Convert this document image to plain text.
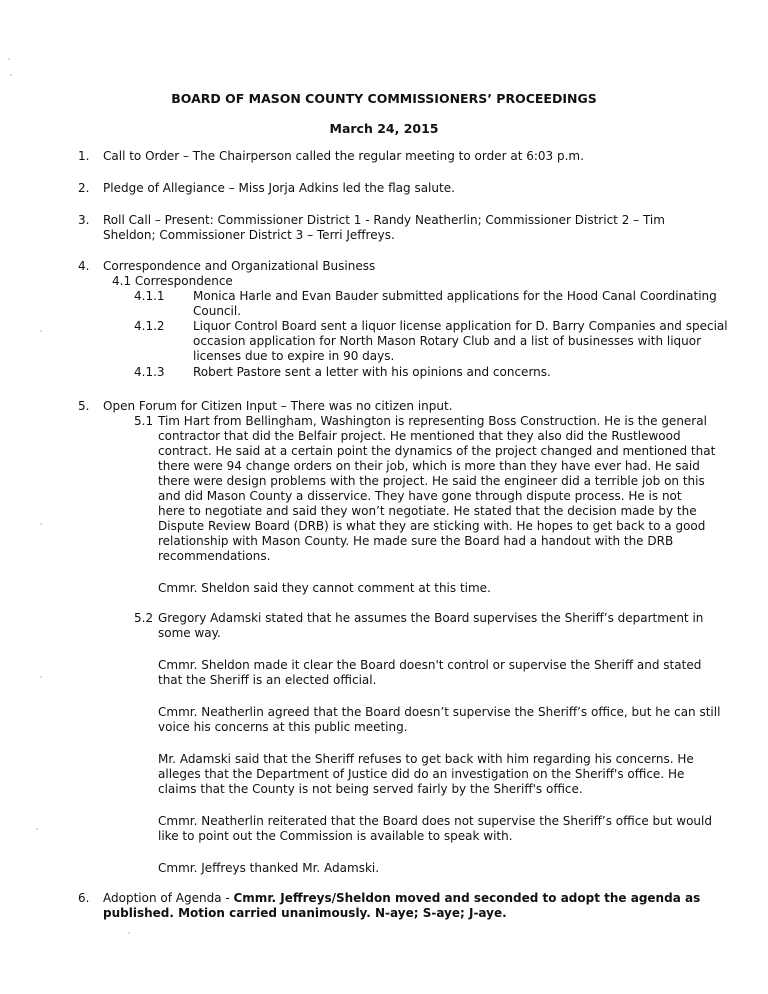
BOARD OF MASON COUNTY COMMISSIONERS’ PROCEEDINGS
March 24, 2015
1. Call to Order – The Chairperson called the regular meeting to order at 6:03 p.m.
2. Pledge of Allegiance – Miss Jorja Adkins led the flag salute.
3. Roll Call – Present: Commissioner District 1 - Randy Neatherlin; Commissioner District 2 – Tim
Sheldon; Commissioner District 3 – Terri Jeffreys.
4. Correspondence and Organizational Business
4.1 Correspondence
4.1.1 Monica Harle and Evan Bauder submitted applications for the Hood Canal Coordinating
Council.
4.1.2 Liquor Control Board sent a liquor license application for D. Barry Companies and special
occasion application for North Mason Rotary Club and a list of businesses with liquor
licenses due to expire in 90 days.
4.1.3 Robert Pastore sent a letter with his opinions and concerns.
5. Open Forum for Citizen Input – There was no citizen input.
5.1 Tim Hart from Bellingham, Washington is representing Boss Construction. He is the general
contractor that did the Belfair project. He mentioned that they also did the Rustlewood
contract. He said at a certain point the dynamics of the project changed and mentioned that
there were 94 change orders on their job, which is more than they have ever had. He said
there were design problems with the project. He said the engineer did a terrible job on this
and did Mason County a disservice. They have gone through dispute process. He is not
here to negotiate and said they won’t negotiate. He stated that the decision made by the
Dispute Review Board (DRB) is what they are sticking with. He hopes to get back to a good
relationship with Mason County. He made sure the Board had a handout with the DRB
recommendations.
Cmmr. Sheldon said they cannot comment at this time.
5.2 Gregory Adamski stated that he assumes the Board supervises the Sheriff’s department in
some way.
Cmmr. Sheldon made it clear the Board doesn't control or supervise the Sheriff and stated
that the Sheriff is an elected official.
Cmmr. Neatherlin agreed that the Board doesn’t supervise the Sheriff’s office, but he can still
voice his concerns at this public meeting.
Mr. Adamski said that the Sheriff refuses to get back with him regarding his concerns. He
alleges that the Department of Justice did do an investigation on the Sheriff's office. He
claims that the County is not being served fairly by the Sheriff's office.
Cmmr. Neatherlin reiterated that the Board does not supervise the Sheriff’s office but would
like to point out the Commission is available to speak with.
Cmmr. Jeffreys thanked Mr. Adamski.
6. Adoption of Agenda - Cmmr. Jeffreys/Sheldon moved and seconded to adopt the agenda as
published. Motion carried unanimously. N-aye; S-aye; J-aye.
